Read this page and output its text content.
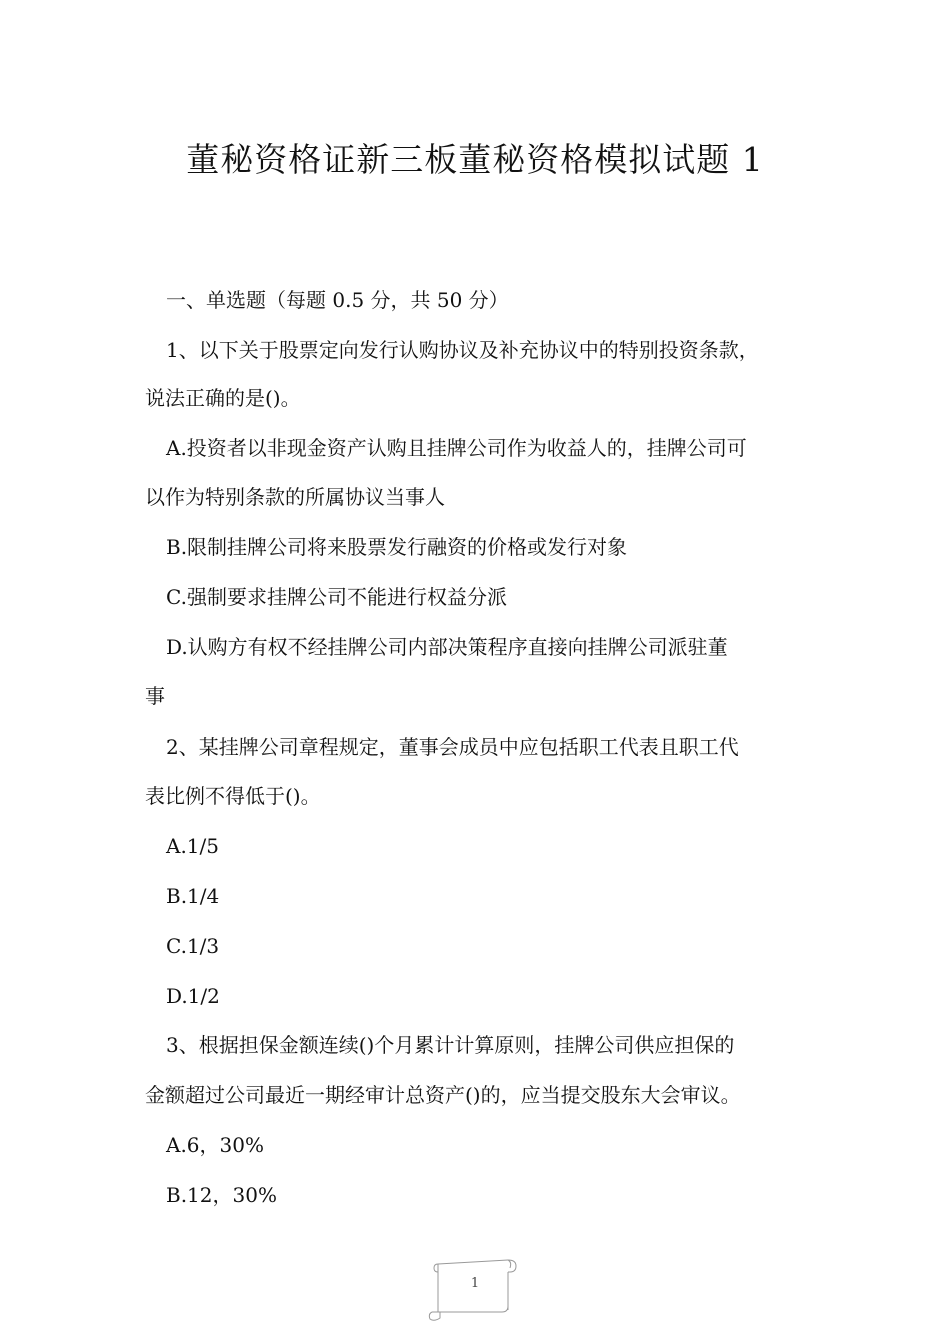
董秘资格证新三板董秘资格模拟试题 1
一、单选题（每题 0.5 分，共 50 分）
1、以下关于股票定向发行认购协议及补充协议中的特别投资条款，
说法正确的是()。
A.投资者以非现金资产认购且挂牌公司作为收益人的，挂牌公司可
以作为特别条款的所属协议当事人
B.限制挂牌公司将来股票发行融资的价格或发行对象
C.强制要求挂牌公司不能进行权益分派
D.认购方有权不经挂牌公司内部决策程序直接向挂牌公司派驻董
事
2、某挂牌公司章程规定，董事会成员中应包括职工代表且职工代
表比例不得低于()。
A.1/5
B.1/4
C.1/3
D.1/2
3、根据担保金额连续()个月累计计算原则，挂牌公司供应担保的
金额超过公司最近一期经审计总资产()的，应当提交股东大会审议。
A.6，30%
B.12，30%
1
